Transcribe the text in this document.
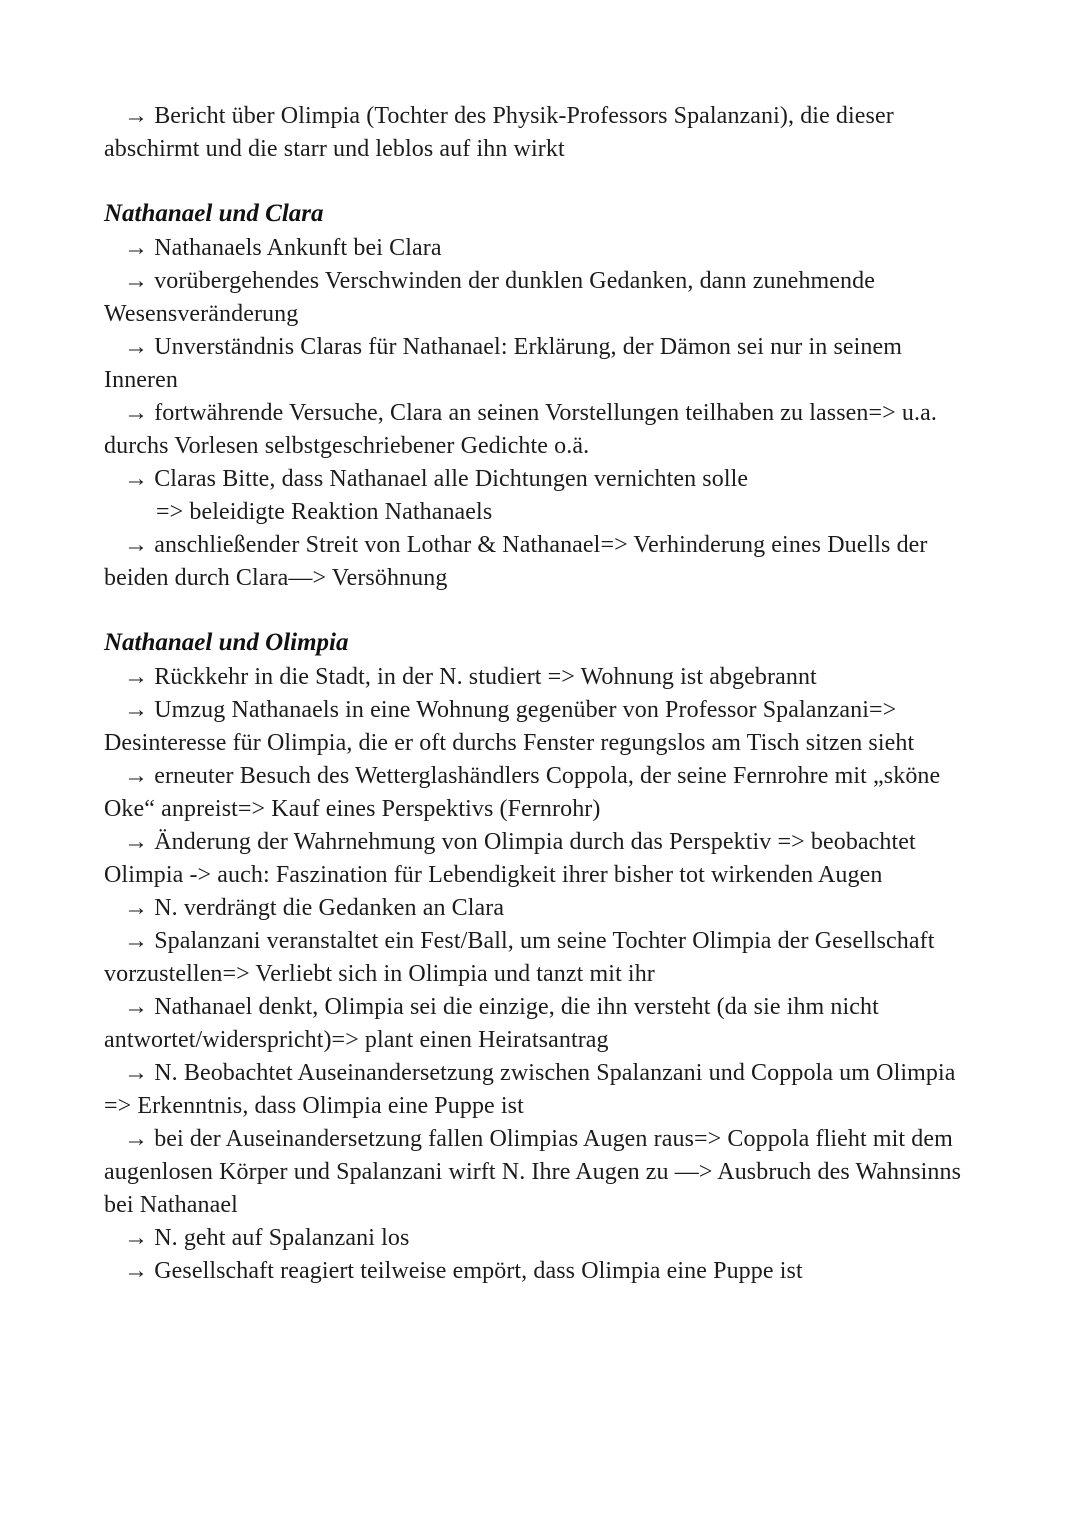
→ Bericht über Olimpia (Tochter des Physik-Professors Spalanzani), die dieser abschirmt und die starr und leblos auf ihn wirkt

Nathanael und Clara

→ Nathanaels Ankunft bei Clara

→ vorübergehendes Verschwinden der dunklen Gedanken, dann zunehmende Wesensveränderung

→ Unverständnis Claras für Nathanael: Erklärung, der Dämon sei nur in seinem Inneren

→ fortwährende Versuche, Clara an seinen Vorstellungen teilhaben zu lassen=> u.a. durchs Vorlesen selbstgeschriebener Gedichte o.ä.

→ Claras Bitte, dass Nathanael alle Dichtungen vernichten solle

=> beleidigte Reaktion Nathanaels

→ anschließender Streit von Lothar & Nathanael=> Verhinderung eines Duells der beiden durch Clara—> Versöhnung

Nathanael und Olimpia

→ Rückkehr in die Stadt, in der N. studiert => Wohnung ist abgebrannt

→ Umzug Nathanaels in eine Wohnung gegenüber von Professor Spalanzani=> Desinteresse für Olimpia, die er oft durchs Fenster regungslos am Tisch sitzen sieht

→ erneuter Besuch des Wetterglashändlers Coppola, der seine Fernrohre mit „sköne Oke“ anpreist=> Kauf eines Perspektivs (Fernrohr)

→ Änderung der Wahrnehmung von Olimpia durch das Perspektiv => beobachtet Olimpia -> auch: Faszination für Lebendigkeit ihrer bisher tot wirkenden Augen

→ N. verdrängt die Gedanken an Clara

→ Spalanzani veranstaltet ein Fest/Ball, um seine Tochter Olimpia der Gesellschaft vorzustellen=> Verliebt sich in Olimpia und tanzt mit ihr

→ Nathanael denkt, Olimpia sei die einzige, die ihn versteht (da sie ihm nicht antwortet/widerspricht)=> plant einen Heiratsantrag

→ N. Beobachtet Auseinandersetzung zwischen Spalanzani und Coppola um Olimpia => Erkenntnis, dass Olimpia eine Puppe ist

→ bei der Auseinandersetzung fallen Olimpias Augen raus=> Coppola flieht mit dem augenlosen Körper und Spalanzani wirft N. Ihre Augen zu —> Ausbruch des Wahnsinns bei Nathanael

→ N. geht auf Spalanzani los

→ Gesellschaft reagiert teilweise empört, dass Olimpia eine Puppe ist
